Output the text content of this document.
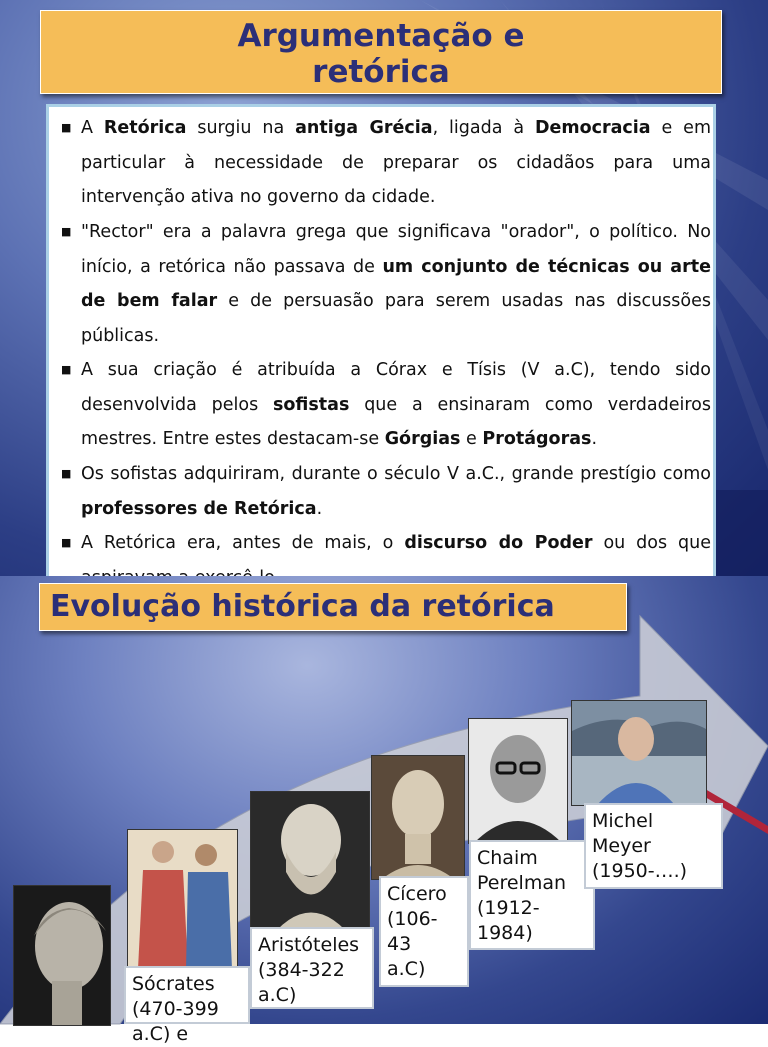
Argumentação e
retórica
■ A Retórica surgiu na antiga Grécia, ligada à Democracia e em particular à necessidade de preparar os cidadãos para uma intervenção ativa no governo da cidade.
■ "Rector" era a palavra grega que significava "orador", o político. No início, a retórica não passava de um conjunto de técnicas ou arte de bem falar e de persuasão para serem usadas nas discussões públicas.
■ A sua criação é atribuída a Córax e Tísis (V a.C), tendo sido desenvolvida pelos sofistas que a ensinaram como verdadeiros mestres. Entre estes destacam-se Górgias e Protágoras.
■ Os sofistas adquiriram, durante o século V a.C., grande prestígio como professores de Retórica.
■ A Retórica era, antes de mais, o discurso do Poder ou dos que
Evolução histórica da retórica
Sócrates
(470-399
a.C) e
Aristóteles
(384-322
a.C)
Cícero
(106-
43
a.C)
Chaim
Perelman
(1912-
1984)
Michel
Meyer
(1950-….)
